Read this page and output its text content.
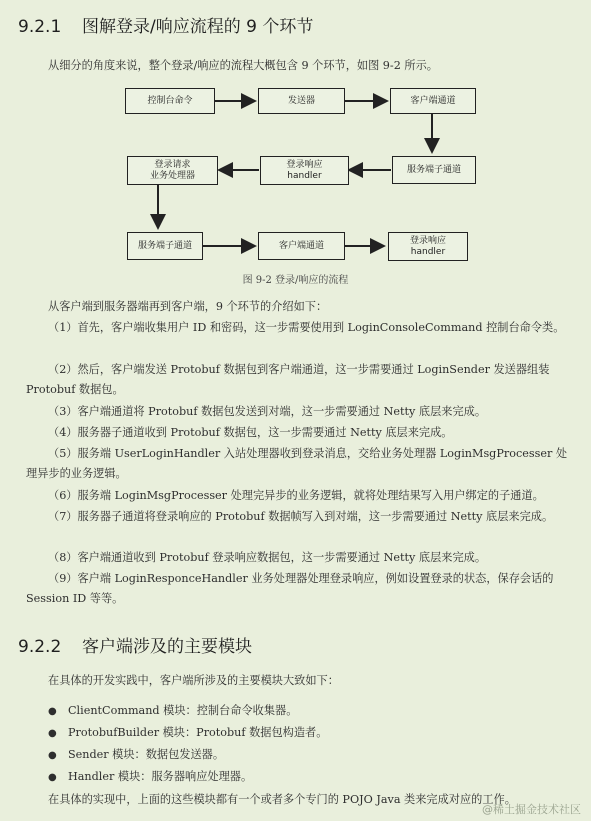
9.2.1 图解登录/响应流程的 9 个环节
从细分的角度来说，整个登录/响应的流程大概包含 9 个环节，如图 9-2 所示。
控制台命令	发送器	客户端通道
服务端子通道
登录响应
handler
登录请求
业务处理器
服务端子通道	客户端通道	登录响应
handler
图 9-2 登录/响应的流程
从客户端到服务器端再到客户端，9 个环节的介绍如下：
（1）首先，客户端收集用户 ID 和密码，这一步需要使用到 LoginConsoleCommand 控制台命令类。
（2）然后，客户端发送 Protobuf 数据包到客户端通道，这一步需要通过 LoginSender 发送器组装 Protobuf 数据包。
（3）客户端通道将 Protobuf 数据包发送到对端，这一步需要通过 Netty 底层来完成。
（4）服务器子通道收到 Protobuf 数据包，这一步需要通过 Netty 底层来完成。
（5）服务端 UserLoginHandler 入站处理器收到登录消息，交给业务处理器 LoginMsgProcesser 处理异步的业务逻辑。
（6）服务端 LoginMsgProcesser 处理完异步的业务逻辑，就将处理结果写入用户绑定的子通道。
（7）服务器子通道将登录响应的 Protobuf 数据帧写入到对端，这一步需要通过 Netty 底层来完成。
（8）客户端通道收到 Protobuf 登录响应数据包，这一步需要通过 Netty 底层来完成。
（9）客户端 LoginResponceHandler 业务处理器处理登录响应，例如设置登录的状态，保存会话的 Session ID 等等。
9.2.2 客户端涉及的主要模块
在具体的开发实践中，客户端所涉及的主要模块大致如下：
● ClientCommand 模块：控制台命令收集器。
● ProtobufBuilder 模块：Protobuf 数据包构造者。
● Sender 模块：数据包发送器。
● Handler 模块：服务器响应处理器。
在具体的实现中，上面的这些模块都有一个或者多个专门的 POJO Java 类来完成对应的工作。
@稀土掘金技术社区
